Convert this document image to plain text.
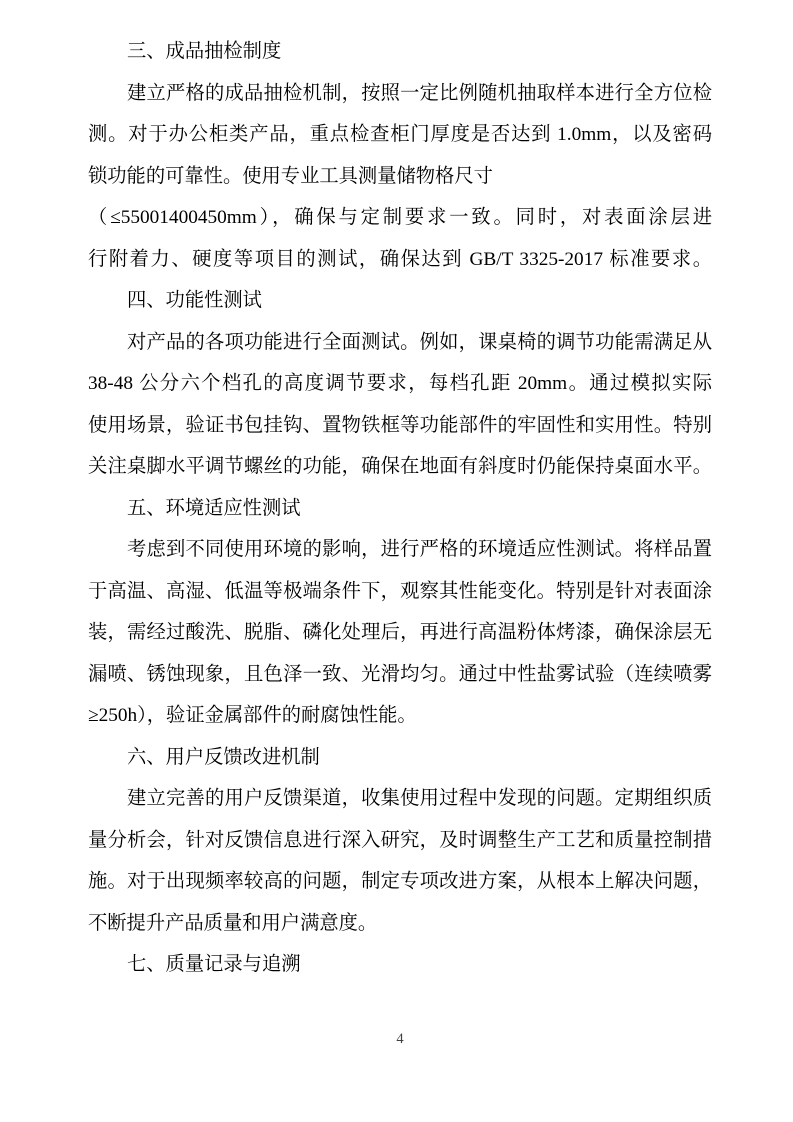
三、成品抽检制度
建立严格的成品抽检机制，按照一定比例随机抽取样本进行全方位检
测。对于办公柜类产品，重点检查柜门厚度是否达到 1.0mm，以及密码
锁功能的可靠性。使用专业工具测量储物格尺寸
（≤55001400450mm），确保与定制要求一致。同时，对表面涂层进
行附着力、硬度等项目的测试，确保达到 GB/T 3325-2017 标准要求。
四、功能性测试
对产品的各项功能进行全面测试。例如，课桌椅的调节功能需满足从
38-48 公分六个档孔的高度调节要求，每档孔距 20mm。通过模拟实际
使用场景，验证书包挂钩、置物铁框等功能部件的牢固性和实用性。特别
关注桌脚水平调节螺丝的功能，确保在地面有斜度时仍能保持桌面水平。
五、环境适应性测试
考虑到不同使用环境的影响，进行严格的环境适应性测试。将样品置
于高温、高湿、低温等极端条件下，观察其性能变化。特别是针对表面涂
装，需经过酸洗、脱脂、磷化处理后，再进行高温粉体烤漆，确保涂层无
漏喷、锈蚀现象，且色泽一致、光滑均匀。通过中性盐雾试验（连续喷雾
≥250h），验证金属部件的耐腐蚀性能。
六、用户反馈改进机制
建立完善的用户反馈渠道，收集使用过程中发现的问题。定期组织质
量分析会，针对反馈信息进行深入研究，及时调整生产工艺和质量控制措
施。对于出现频率较高的问题，制定专项改进方案，从根本上解决问题，
不断提升产品质量和用户满意度。
七、质量记录与追溯
4
